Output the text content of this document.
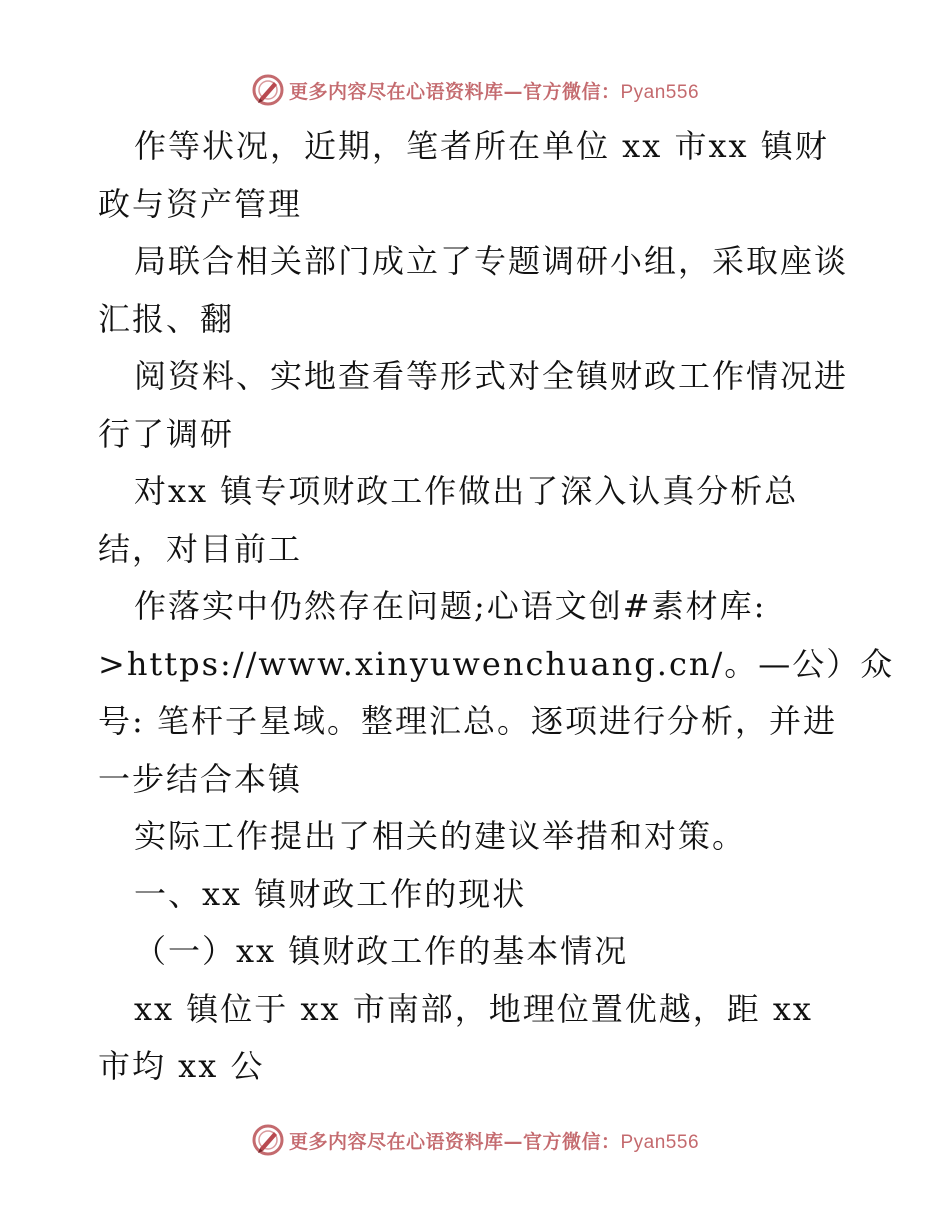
更多内容尽在心语资料库—官方微信：Pyan556
作等状况，近期，笔者所在单位 xx 市xx 镇财
政与资产管理
局联合相关部门成立了专题调研小组，采取座谈
汇报、翻
阅资料、实地查看等形式对全镇财政工作情况进
行了调研
对xx 镇专项财政工作做出了深入认真分析总
结，对目前工
作落实中仍然存在问题;心语文创#素材库:
>https://www.xinyuwenchuang.cn/。—公）众
号: 笔杆子星域。整理汇总。逐项进行分析，并进
一步结合本镇
实际工作提出了相关的建议举措和对策。
一、xx 镇财政工作的现状
（一）xx 镇财政工作的基本情况
xx 镇位于 xx 市南部，地理位置优越，距 xx
市均 xx 公
更多内容尽在心语资料库—官方微信：Pyan556
